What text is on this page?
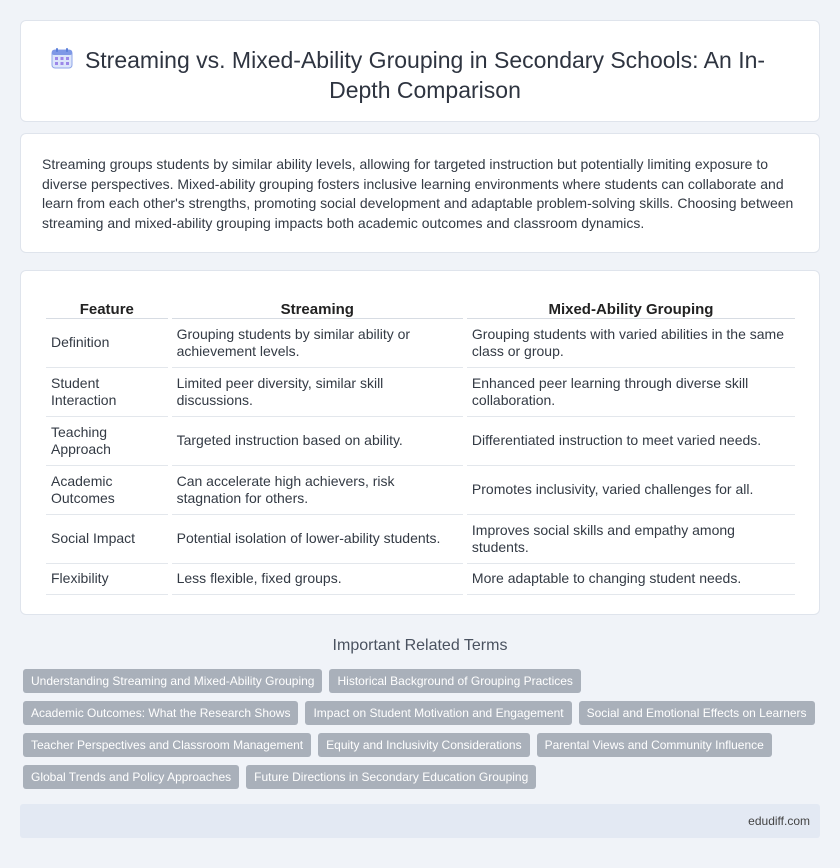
Streaming vs. Mixed-Ability Grouping in Secondary Schools: An In-Depth Comparison

Streaming groups students by similar ability levels, allowing for targeted instruction but potentially limiting exposure to diverse perspectives. Mixed-ability grouping fosters inclusive learning environments where students can collaborate and learn from each other's strengths, promoting social development and adaptable problem-solving skills. Choosing between streaming and mixed-ability grouping impacts both academic outcomes and classroom dynamics.

Feature	Streaming	Mixed-Ability Grouping
Definition	Grouping students by similar ability or achievement levels.	Grouping students with varied abilities in the same class or group.
Student Interaction	Limited peer diversity, similar skill discussions.	Enhanced peer learning through diverse skill collaboration.
Teaching Approach	Targeted instruction based on ability.	Differentiated instruction to meet varied needs.
Academic Outcomes	Can accelerate high achievers, risk stagnation for others.	Promotes inclusivity, varied challenges for all.
Social Impact	Potential isolation of lower-ability students.	Improves social skills and empathy among students.
Flexibility	Less flexible, fixed groups.	More adaptable to changing student needs.
Important Related Terms
Understanding Streaming and Mixed-Ability Grouping Historical Background of Grouping Practices
Academic Outcomes: What the Research Shows Impact on Student Motivation and Engagement Social and Emotional Effects on Learners
Teacher Perspectives and Classroom Management Equity and Inclusivity Considerations Parental Views and Community Influence
Global Trends and Policy Approaches Future Directions in Secondary Education Grouping
edudiff.com
